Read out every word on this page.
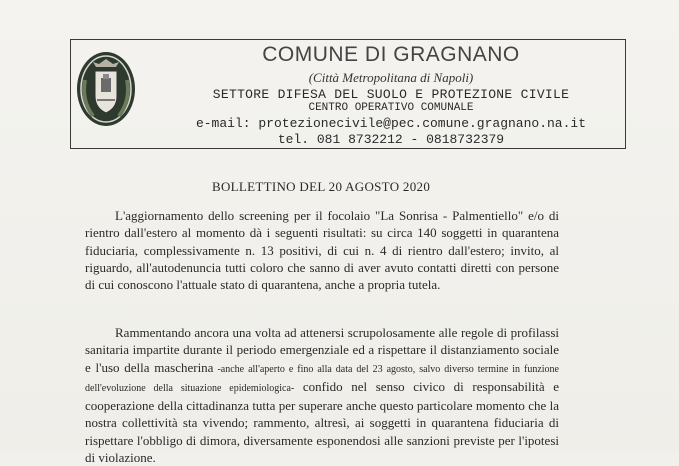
COMUNE DI GRAGNANO
(Città Metropolitana di Napoli)
SETTORE DIFESA DEL SUOLO E PROTEZIONE CIVILE
CENTRO OPERATIVO COMUNALE
e-mail: protezionecivile@pec.comune.gragnano.na.it
tel. 081 8732212 - 0818732379
BOLLETTINO DEL 20 AGOSTO 2020
L'aggiornamento dello screening per il focolaio "La Sonrisa - Palmentiello" e/o di rientro dall'estero al momento dà i seguenti risultati: su circa 140 soggetti in quarantena fiduciaria, complessivamente n. 13 positivi, di cui n. 4 di rientro dall'estero; invito, al riguardo, all'autodenuncia tutti coloro che sanno di aver avuto contatti diretti con persone di cui conoscono l'attuale stato di quarantena, anche a propria tutela.
Rammentando ancora una volta ad attenersi scrupolosamente alle regole di profilassi sanitaria impartite durante il periodo emergenziale ed a rispettare il distanziamento sociale e l'uso della mascherina -anche all'aperto e fino alla data del 23 agosto, salvo diverso termine in funzione dell'evoluzione della situazione epidemiologica- confido nel senso civico di responsabilità e cooperazione della cittadinanza tutta per superare anche questo particolare momento che la nostra collettività sta vivendo; rammento, altresì, ai soggetti in quarantena fiduciaria di rispettare l'obbligo di dimora, diversamente esponendosi alle sanzioni previste per l'ipotesi di violazione.
